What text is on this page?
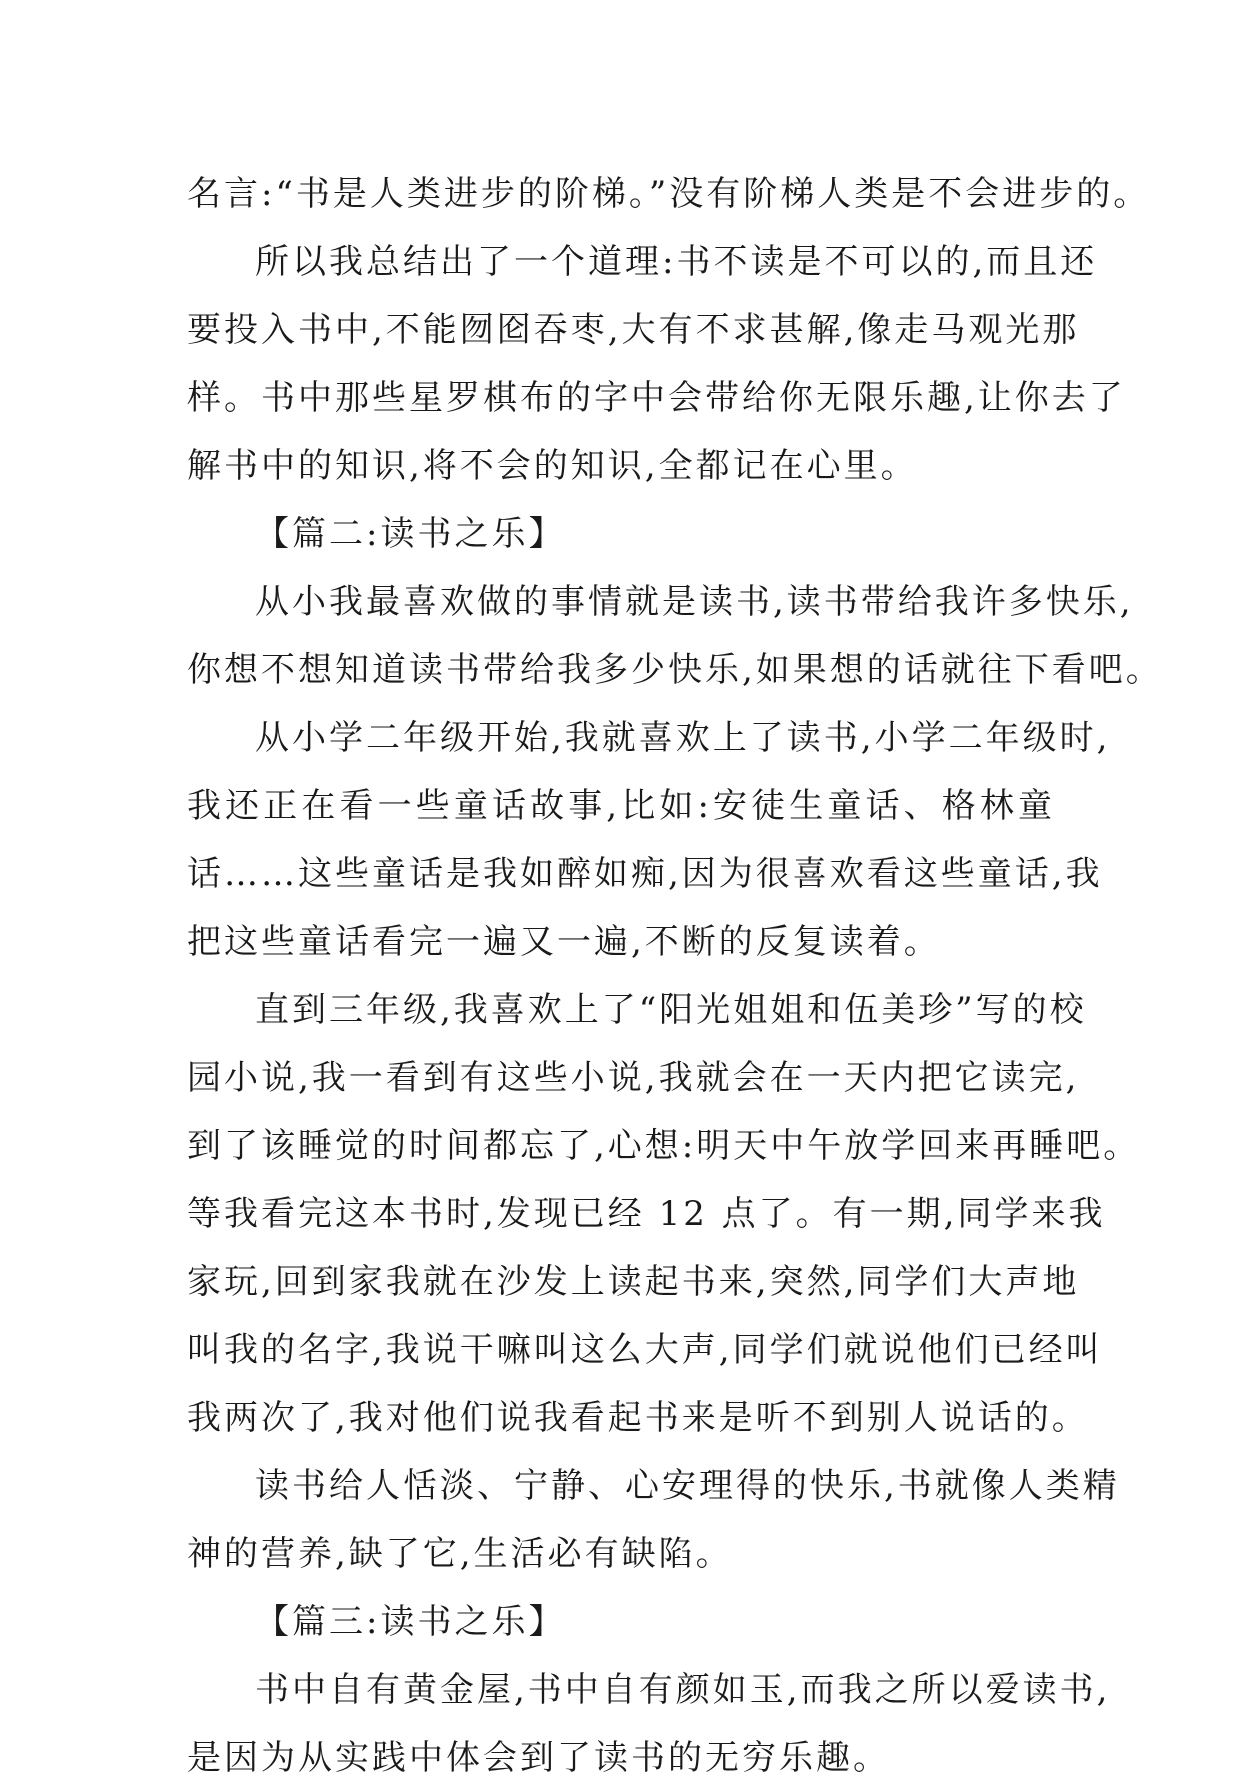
名言:“书是人类进步的阶梯。”没有阶梯人类是不会进步的。
所以我总结出了一个道理:书不读是不可以的,而且还
要投入书中,不能囫囵吞枣,大有不求甚解,像走马观光那
样。书中那些星罗棋布的字中会带给你无限乐趣,让你去了
解书中的知识,将不会的知识,全都记在心里。
【篇二:读书之乐】
从小我最喜欢做的事情就是读书,读书带给我许多快乐,
你想不想知道读书带给我多少快乐,如果想的话就往下看吧。
从小学二年级开始,我就喜欢上了读书,小学二年级时,
我还正在看一些童话故事,比如:安徒生童话、格林童
话……这些童话是我如醉如痴,因为很喜欢看这些童话,我
把这些童话看完一遍又一遍,不断的反复读着。
直到三年级,我喜欢上了“阳光姐姐和伍美珍”写的校
园小说,我一看到有这些小说,我就会在一天内把它读完,
到了该睡觉的时间都忘了,心想:明天中午放学回来再睡吧。
等我看完这本书时,发现已经 12 点了。有一期,同学来我
家玩,回到家我就在沙发上读起书来,突然,同学们大声地
叫我的名字,我说干嘛叫这么大声,同学们就说他们已经叫
我两次了,我对他们说我看起书来是听不到别人说话的。
读书给人恬淡、宁静、心安理得的快乐,书就像人类精
神的营养,缺了它,生活必有缺陷。
【篇三:读书之乐】
书中自有黄金屋,书中自有颜如玉,而我之所以爱读书,
是因为从实践中体会到了读书的无穷乐趣。
